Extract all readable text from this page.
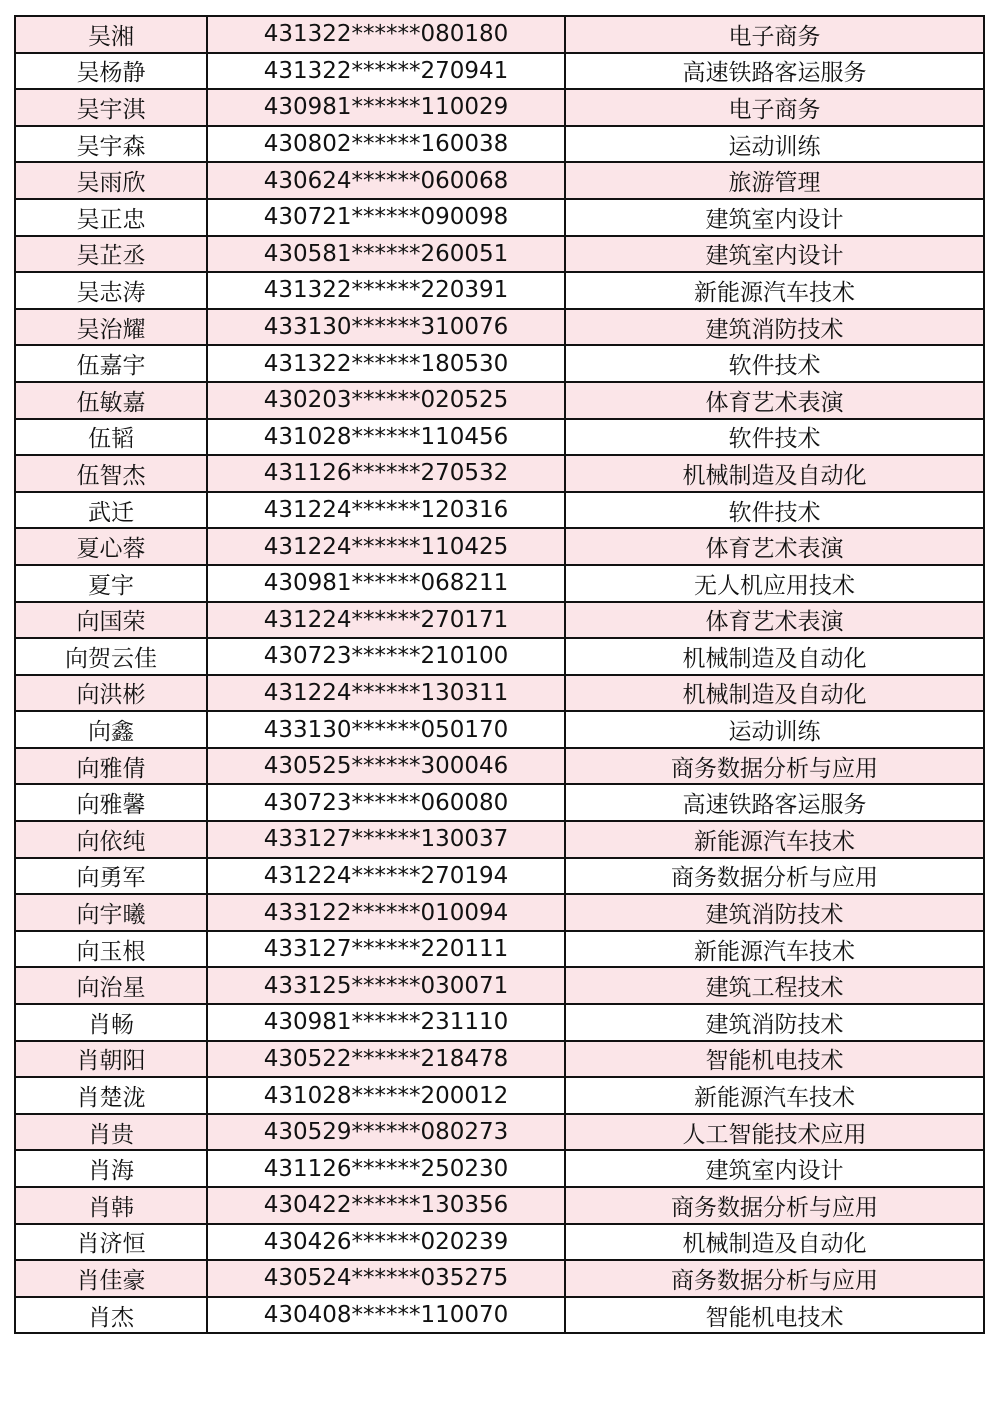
吴湘	431322******080180	电子商务
吴杨静	431322******270941	高速铁路客运服务
吴宇淇	430981******110029	电子商务
吴宇森	430802******160038	运动训练
吴雨欣	430624******060068	旅游管理
吴正忠	430721******090098	建筑室内设计
吴芷丞	430581******260051	建筑室内设计
吴志涛	431322******220391	新能源汽车技术
吴治耀	433130******310076	建筑消防技术
伍嘉宇	431322******180530	软件技术
伍敏嘉	430203******020525	体育艺术表演
伍韬	431028******110456	软件技术
伍智杰	431126******270532	机械制造及自动化
武迁	431224******120316	软件技术
夏心蓉	431224******110425	体育艺术表演
夏宇	430981******068211	无人机应用技术
向国荣	431224******270171	体育艺术表演
向贺云佳	430723******210100	机械制造及自动化
向洪彬	431224******130311	机械制造及自动化
向鑫	433130******050170	运动训练
向雅倩	430525******300046	商务数据分析与应用
向雅馨	430723******060080	高速铁路客运服务
向依纯	433127******130037	新能源汽车技术
向勇军	431224******270194	商务数据分析与应用
向宇曦	433122******010094	建筑消防技术
向玉根	433127******220111	新能源汽车技术
向治星	433125******030071	建筑工程技术
肖畅	430981******231110	建筑消防技术
肖朝阳	430522******218478	智能机电技术
肖楚泷	431028******200012	新能源汽车技术
肖贵	430529******080273	人工智能技术应用
肖海	431126******250230	建筑室内设计
肖韩	430422******130356	商务数据分析与应用
肖济恒	430426******020239	机械制造及自动化
肖佳豪	430524******035275	商务数据分析与应用
肖杰	430408******110070	智能机电技术
